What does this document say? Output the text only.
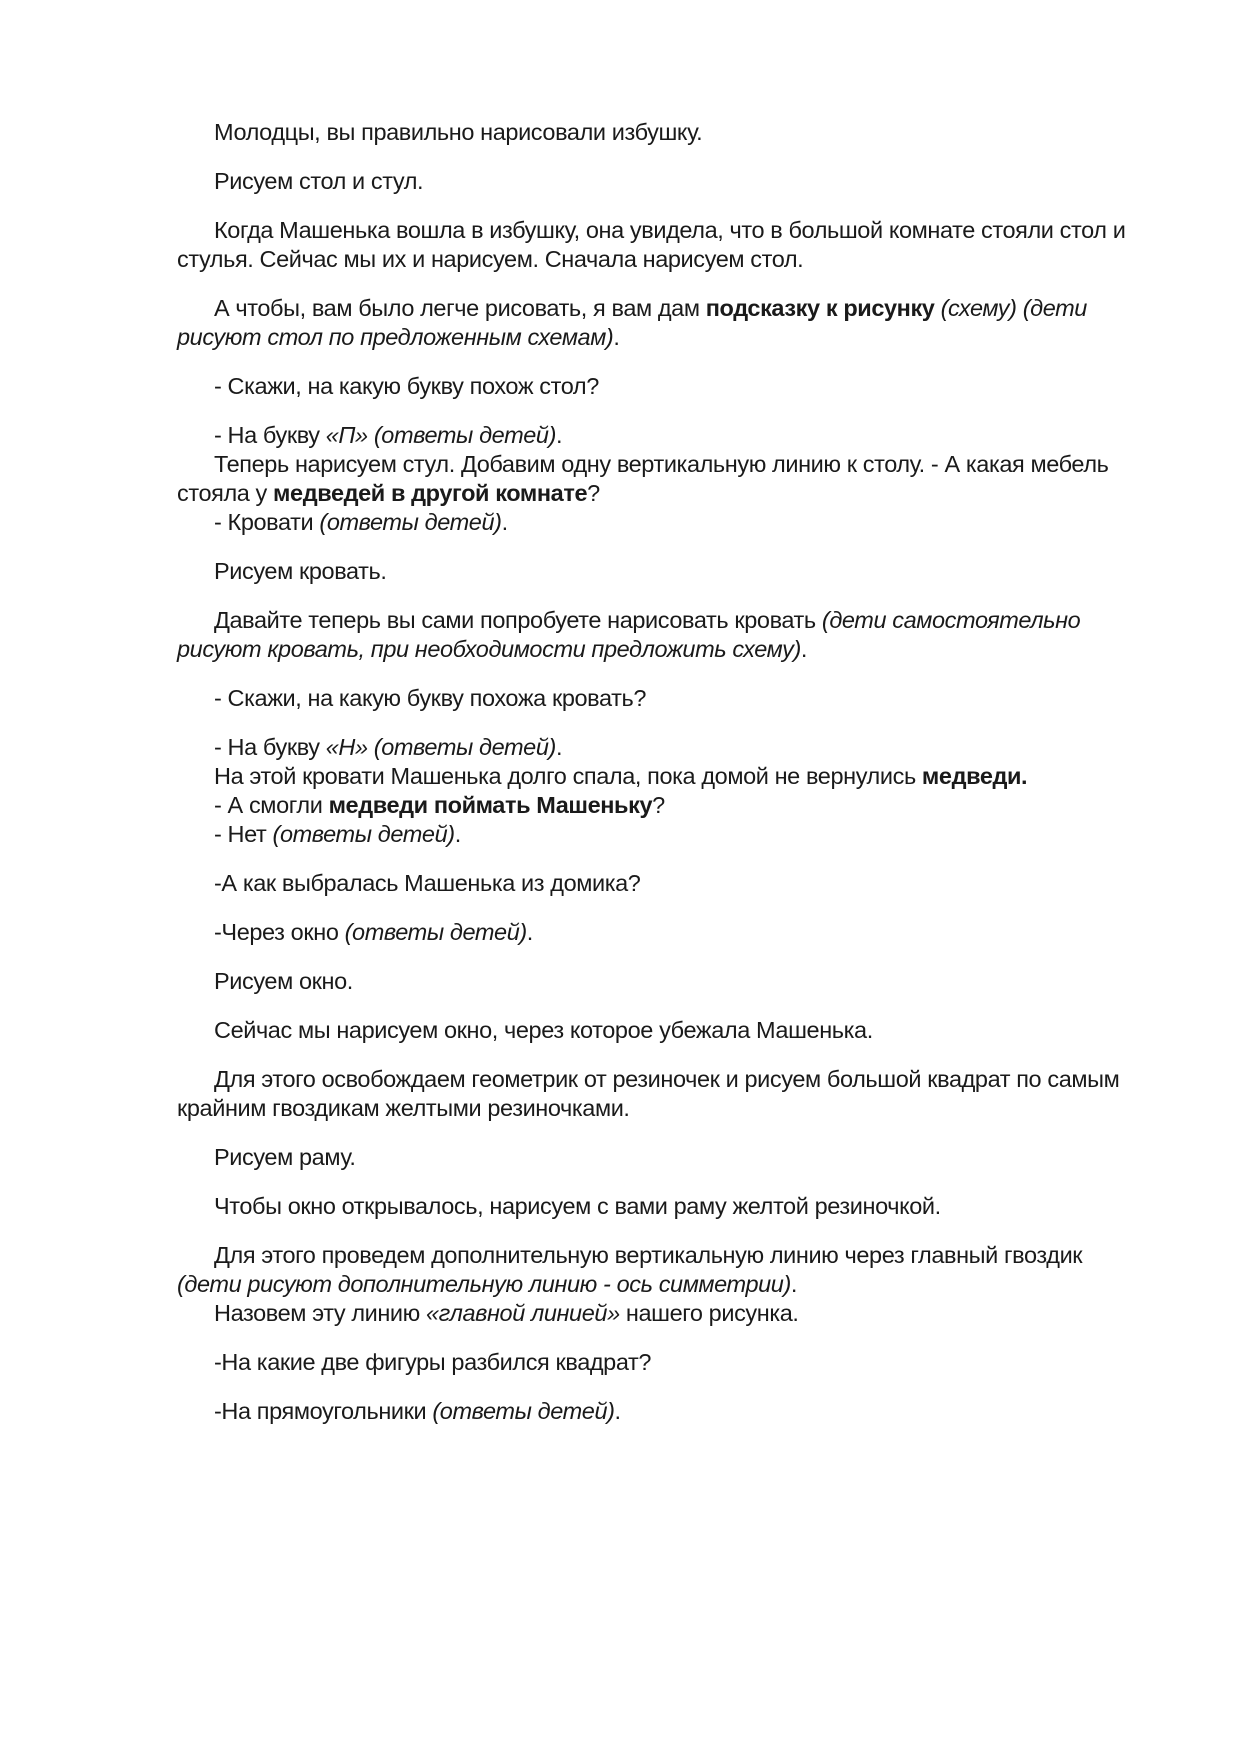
Молодцы, вы правильно нарисовали избушку.

Рисуем стол и стул.

Когда Машенька вошла в избушку, она увидела, что в большой комнате стояли стол и стулья. Сейчас мы их и нарисуем. Сначала нарисуем стол.

А чтобы, вам было легче рисовать, я вам дам подсказку к рисунку (схему) (дети рисуют стол по предложенным схемам).

- Скажи, на какую букву похож стол?

- На букву «П» (ответы детей).

Теперь нарисуем стул. Добавим одну вертикальную линию к столу. - А какая мебель стояла у медведей в другой комнате?

- Кровати (ответы детей).

Рисуем кровать.

Давайте теперь вы сами попробуете нарисовать кровать (дети самостоятельно рисуют кровать, при необходимости предложить схему).

- Скажи, на какую букву похожа кровать?

- На букву «Н» (ответы детей).

На этой кровати Машенька долго спала, пока домой не вернулись медведи.

- А смогли медведи поймать Машеньку?

- Нет (ответы детей).

-А как выбралась Машенька из домика?

-Через окно (ответы детей).

Рисуем окно.

Сейчас мы нарисуем окно, через которое убежала Машенька.

Для этого освобождаем геометрик от резиночек и рисуем большой квадрат по самым крайним гвоздикам желтыми резиночками.

Рисуем раму.

Чтобы окно открывалось, нарисуем с вами раму желтой резиночкой.

Для этого проведем дополнительную вертикальную линию через главный гвоздик (дети рисуют дополнительную линию - ось симметрии).

Назовем эту линию «главной линией» нашего рисунка.

-На какие две фигуры разбился квадрат?

-На прямоугольники (ответы детей).
